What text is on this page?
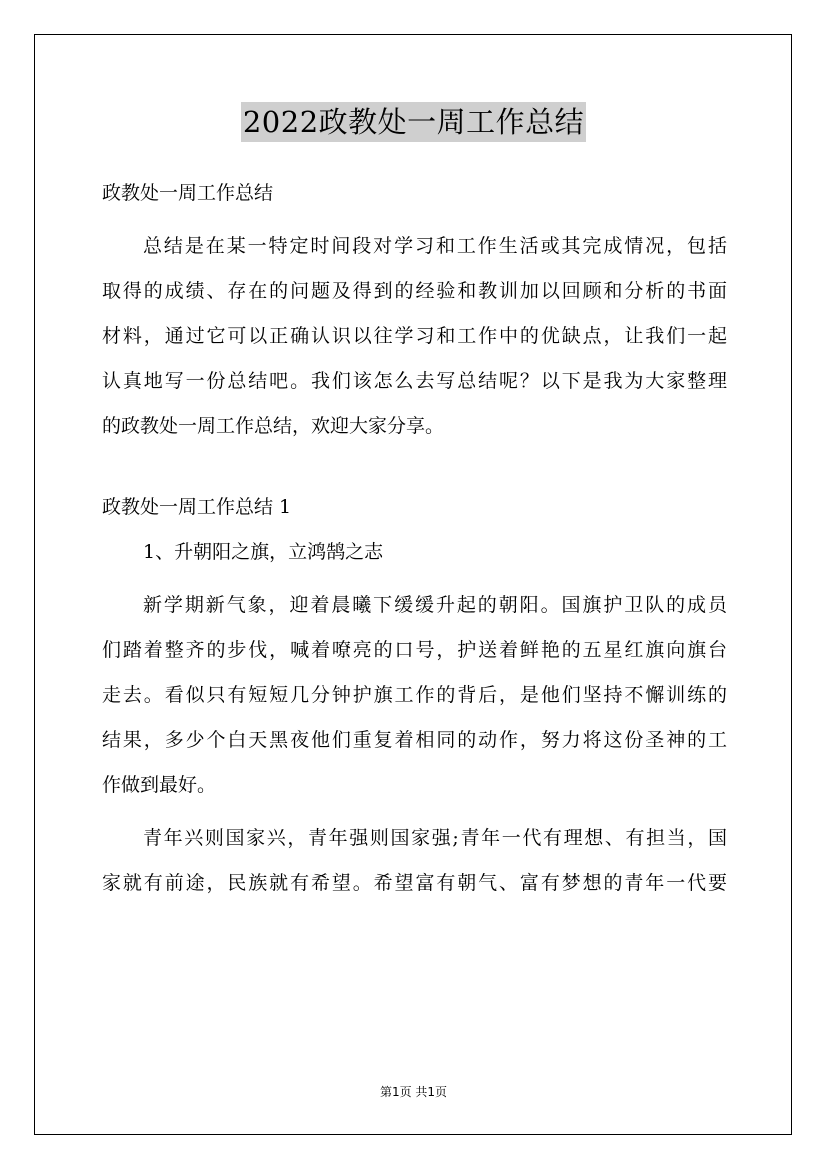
2022政教处一周工作总结
政教处一周工作总结
总结是在某一特定时间段对学习和工作生活或其完成情况，包括
取得的成绩、存在的问题及得到的经验和教训加以回顾和分析的书面
材料，通过它可以正确认识以往学习和工作中的优缺点，让我们一起
认真地写一份总结吧。我们该怎么去写总结呢？以下是我为大家整理
的政教处一周工作总结，欢迎大家分享。
政教处一周工作总结 1
1、升朝阳之旗，立鸿鹄之志
新学期新气象，迎着晨曦下缓缓升起的朝阳。国旗护卫队的成员
们踏着整齐的步伐，喊着嘹亮的口号，护送着鲜艳的五星红旗向旗台
走去。看似只有短短几分钟护旗工作的背后，是他们坚持不懈训练的
结果，多少个白天黑夜他们重复着相同的动作，努力将这份圣神的工
作做到最好。
青年兴则国家兴，青年强则国家强;青年一代有理想、有担当，国
家就有前途，民族就有希望。希望富有朝气、富有梦想的青年一代要
第1页 共1页
